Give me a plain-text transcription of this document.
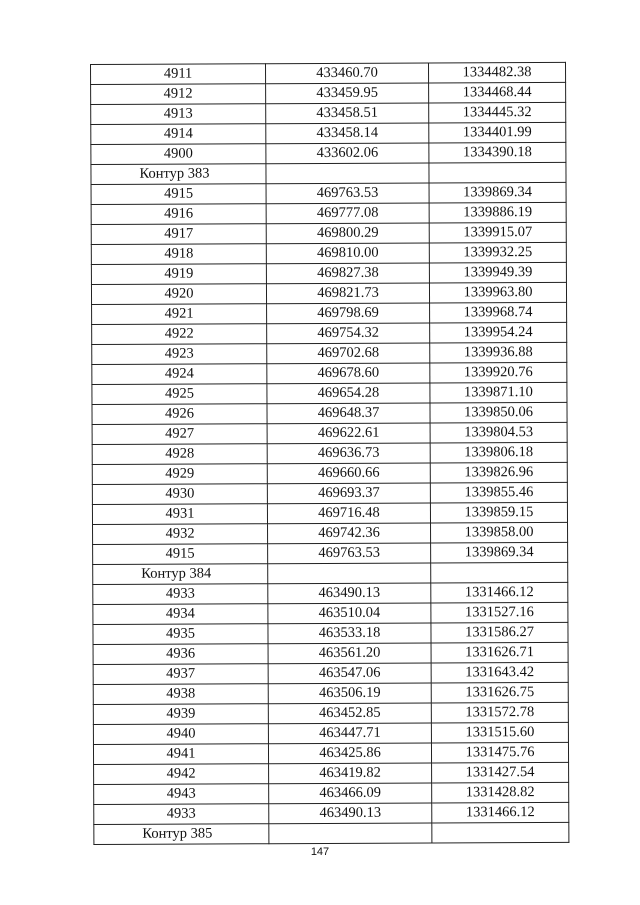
4911	433460.70	1334482.38
4912	433459.95	1334468.44
4913	433458.51	1334445.32
4914	433458.14	1334401.99
4900	433602.06	1334390.18
Контур 383		
4915	469763.53	1339869.34
4916	469777.08	1339886.19
4917	469800.29	1339915.07
4918	469810.00	1339932.25
4919	469827.38	1339949.39
4920	469821.73	1339963.80
4921	469798.69	1339968.74
4922	469754.32	1339954.24
4923	469702.68	1339936.88
4924	469678.60	1339920.76
4925	469654.28	1339871.10
4926	469648.37	1339850.06
4927	469622.61	1339804.53
4928	469636.73	1339806.18
4929	469660.66	1339826.96
4930	469693.37	1339855.46
4931	469716.48	1339859.15
4932	469742.36	1339858.00
4915	469763.53	1339869.34
Контур 384		
4933	463490.13	1331466.12
4934	463510.04	1331527.16
4935	463533.18	1331586.27
4936	463561.20	1331626.71
4937	463547.06	1331643.42
4938	463506.19	1331626.75
4939	463452.85	1331572.78
4940	463447.71	1331515.60
4941	463425.86	1331475.76
4942	463419.82	1331427.54
4943	463466.09	1331428.82
4933	463490.13	1331466.12
Контур 385		
147
